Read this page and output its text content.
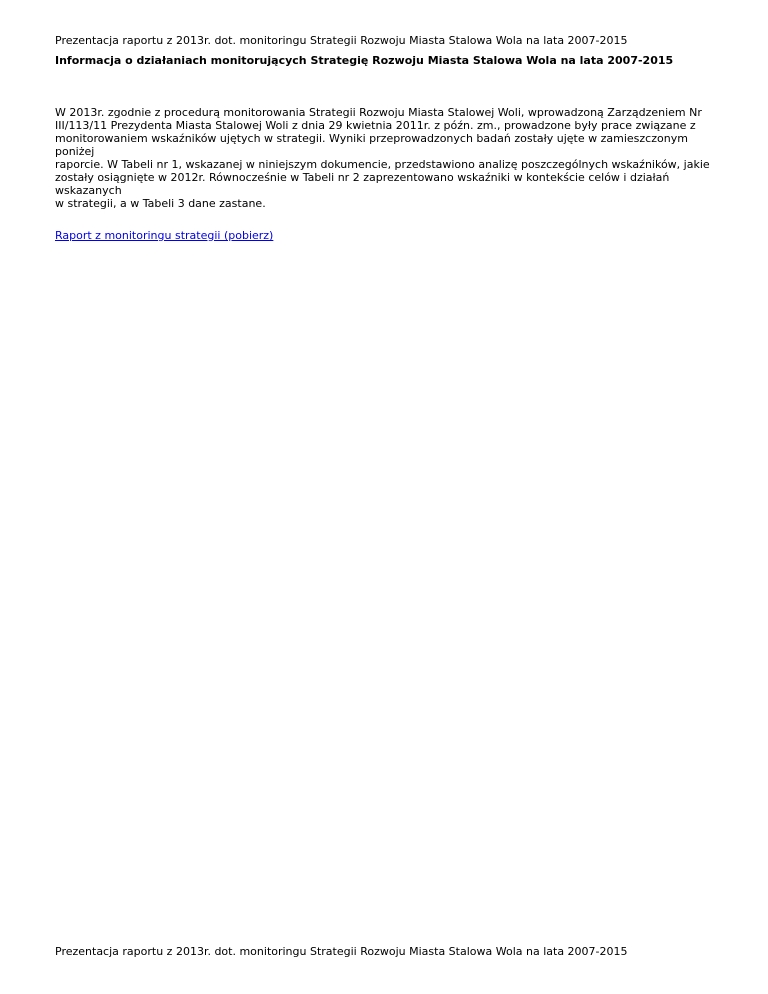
Prezentacja raportu z 2013r. dot. monitoringu Strategii Rozwoju Miasta Stalowa Wola na lata 2007-2015
Informacja o działaniach monitorujących Strategię Rozwoju Miasta Stalowa Wola na lata 2007-2015
W 2013r. zgodnie z procedurą monitorowania Strategii Rozwoju Miasta Stalowej Woli, wprowadzoną Zarządzeniem Nr
III/113/11 Prezydenta Miasta Stalowej Woli z dnia 29 kwietnia 2011r. z późn. zm., prowadzone były prace związane z
monitorowaniem wskaźników ujętych w strategii. Wyniki przeprowadzonych badań zostały ujęte w zamieszczonym poniżej
raporcie. W Tabeli nr 1, wskazanej w niniejszym dokumencie, przedstawiono analizę poszczególnych wskaźników, jakie
zostały osiągnięte w 2012r. Równocześnie w Tabeli nr 2 zaprezentowano wskaźniki w kontekście celów i działań wskazanych
w strategii, a w Tabeli 3 dane zastane.
Raport z monitoringu strategii (pobierz)
Prezentacja raportu z 2013r. dot. monitoringu Strategii Rozwoju Miasta Stalowa Wola na lata 2007-2015
